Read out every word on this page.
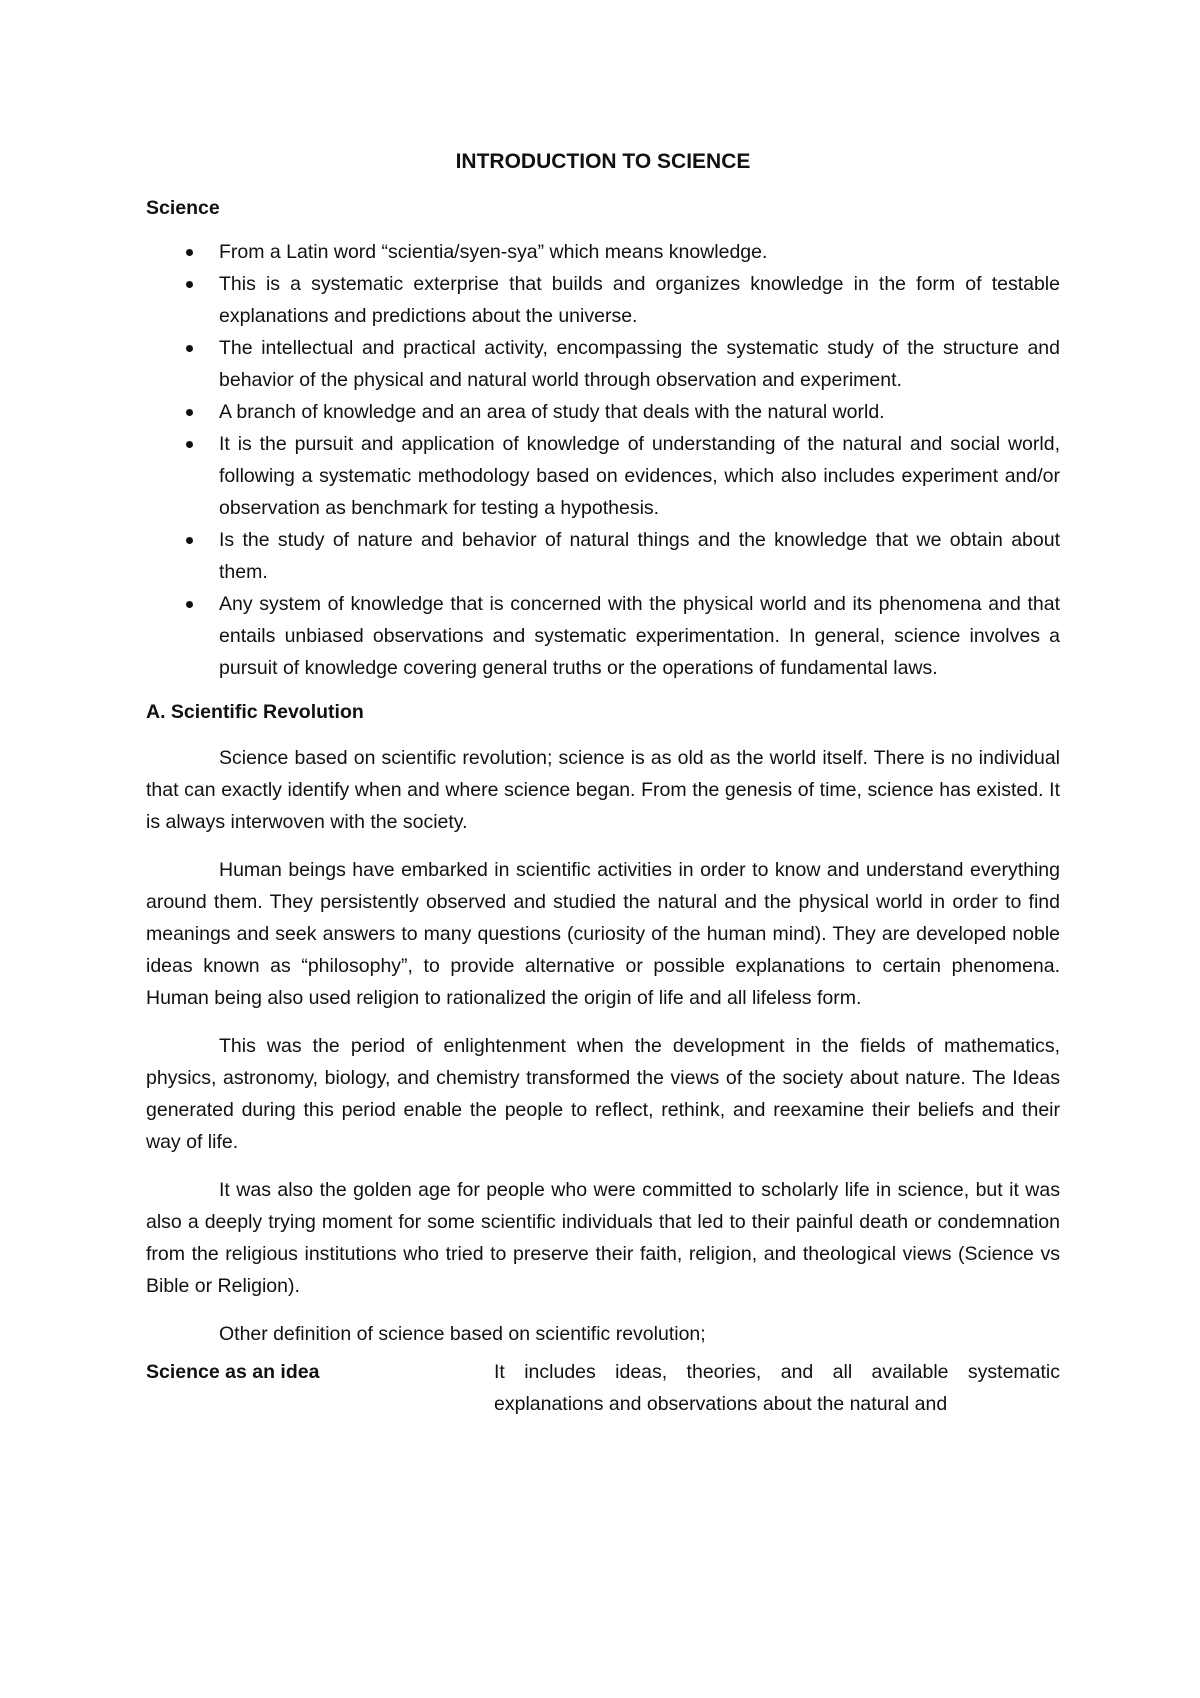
INTRODUCTION TO SCIENCE
Science
From a Latin word “scientia/syen-sya” which means knowledge.
This is a systematic exterprise that builds and organizes knowledge in the form of testable explanations and predictions about the universe.
The intellectual and practical activity, encompassing the systematic study of the structure and behavior of the physical and natural world through observation and experiment.
A branch of knowledge and an area of study that deals with the natural world.
It is the pursuit and application of knowledge of understanding of the natural and social world, following a systematic methodology based on evidences, which also includes experiment and/or observation as benchmark for testing a hypothesis.
Is the study of nature and behavior of natural things and the knowledge that we obtain about them.
Any system of knowledge that is concerned with the physical world and its phenomena and that entails unbiased observations and systematic experimentation. In general, science involves a pursuit of knowledge covering general truths or the operations of fundamental laws.
A. Scientific Revolution

Science based on scientific revolution; science is as old as the world itself. There is no individual that can exactly identify when and where science began. From the genesis of time, science has existed. It is always interwoven with the society.

Human beings have embarked in scientific activities in order to know and understand everything around them. They persistently observed and studied the natural and the physical world in order to find meanings and seek answers to many questions (curiosity of the human mind). They are developed noble ideas known as “philosophy”, to provide alternative or possible explanations to certain phenomena. Human being also used religion to rationalized the origin of life and all lifeless form.

This was the period of enlightenment when the development in the fields of mathematics, physics, astronomy, biology, and chemistry transformed the views of the society about nature. The Ideas generated during this period enable the people to reflect, rethink, and reexamine their beliefs and their way of life.

It was also the golden age for people who were committed to scholarly life in science, but it was also a deeply trying moment for some scientific individuals that led to their painful death or condemnation from the religious institutions who tried to preserve their faith, religion, and theological views (Science vs Bible or Religion).

Other definition of science based on scientific revolution;

Science as an idea	It includes ideas, theories, and all available systematic explanations and observations about the natural and
